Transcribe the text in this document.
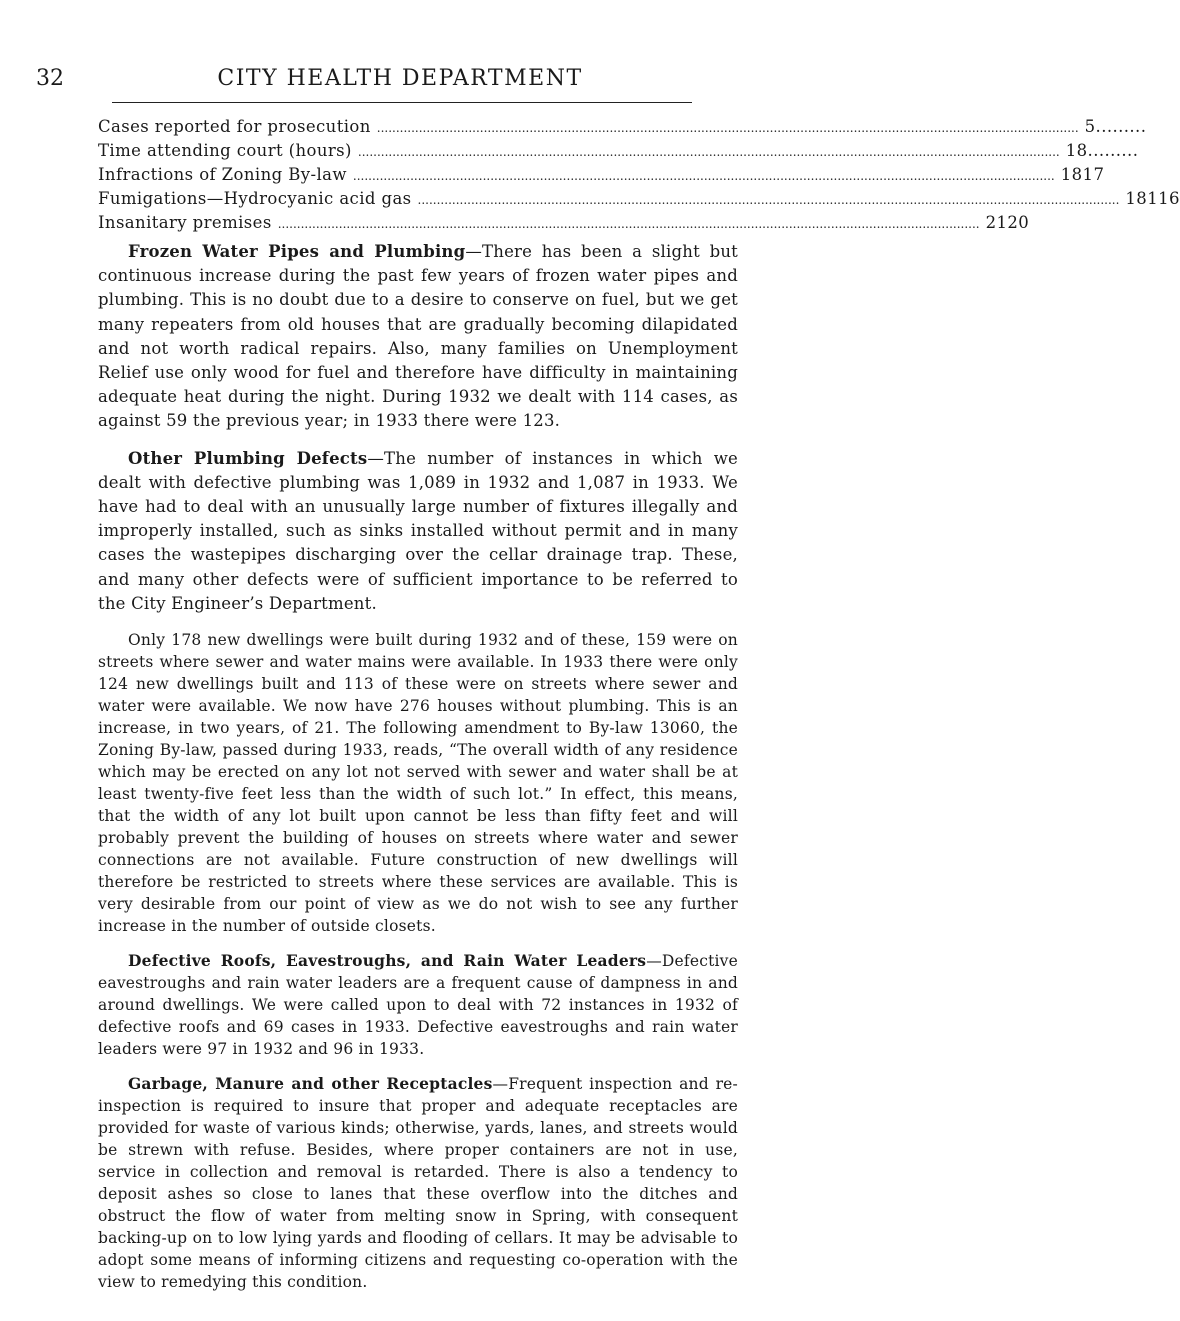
32	CITY HEALTH DEPARTMENT
Cases reported for prosecution ........................................................................................................................................................................................ 5 .........
Time attending court (hours) ........................................................................................................................................................................................ 18 .........
Infractions of Zoning By-law ........................................................................................................................................................................................ 18 17
Fumigations—Hydrocyanic acid gas ........................................................................................................................................................................................ 18 116
Insanitary premises ........................................................................................................................................................................................ 21 20

Frozen Water Pipes and Plumbing—There has been a slight but continuous increase during the past few years of frozen water pipes and plumbing. This is no doubt due to a desire to conserve on fuel, but we get many repeaters from old houses that are gradually becoming dilapidated and not worth radical repairs. Also, many families on Unemployment Relief use only wood for fuel and therefore have difficulty in maintaining adequate heat during the night. During 1932 we dealt with 114 cases, as against 59 the previous year; in 1933 there were 123.

Other Plumbing Defects—The number of instances in which we dealt with defective plumbing was 1,089 in 1932 and 1,087 in 1933. We have had to deal with an unusually large number of fixtures illegally and improperly installed, such as sinks installed without permit and in many cases the wastepipes discharging over the cellar drainage trap. These, and many other defects were of sufficient importance to be referred to the City Engineer’s Department.

Only 178 new dwellings were built during 1932 and of these, 159 were on streets where sewer and water mains were available. In 1933 there were only 124 new dwellings built and 113 of these were on streets where sewer and water were available. We now have 276 houses without plumbing. This is an increase, in two years, of 21. The following amendment to By-law 13060, the Zoning By-law, passed during 1933, reads, “The overall width of any residence which may be erected on any lot not served with sewer and water shall be at least twenty-five feet less than the width of such lot.” In effect, this means, that the width of any lot built upon cannot be less than fifty feet and will probably prevent the building of houses on streets where water and sewer connections are not available. Future construction of new dwellings will therefore be restricted to streets where these services are available. This is very desirable from our point of view as we do not wish to see any further increase in the number of outside closets.

Defective Roofs, Eavestroughs, and Rain Water Leaders—Defective eavestroughs and rain water leaders are a frequent cause of dampness in and around dwellings. We were called upon to deal with 72 instances in 1932 of defective roofs and 69 cases in 1933. Defective eavestroughs and rain water leaders were 97 in 1932 and 96 in 1933.

Garbage, Manure and other Receptacles—Frequent inspection and re-inspection is required to insure that proper and adequate receptacles are provided for waste of various kinds; otherwise, yards, lanes, and streets would be strewn with refuse. Besides, where proper containers are not in use, service in collection and removal is retarded. There is also a tendency to deposit ashes so close to lanes that these overflow into the ditches and obstruct the flow of water from melting snow in Spring, with consequent backing-up on to low lying yards and flooding of cellars. It may be advisable to adopt some means of informing citizens and requesting co-operation with the view to remedying this condition.
